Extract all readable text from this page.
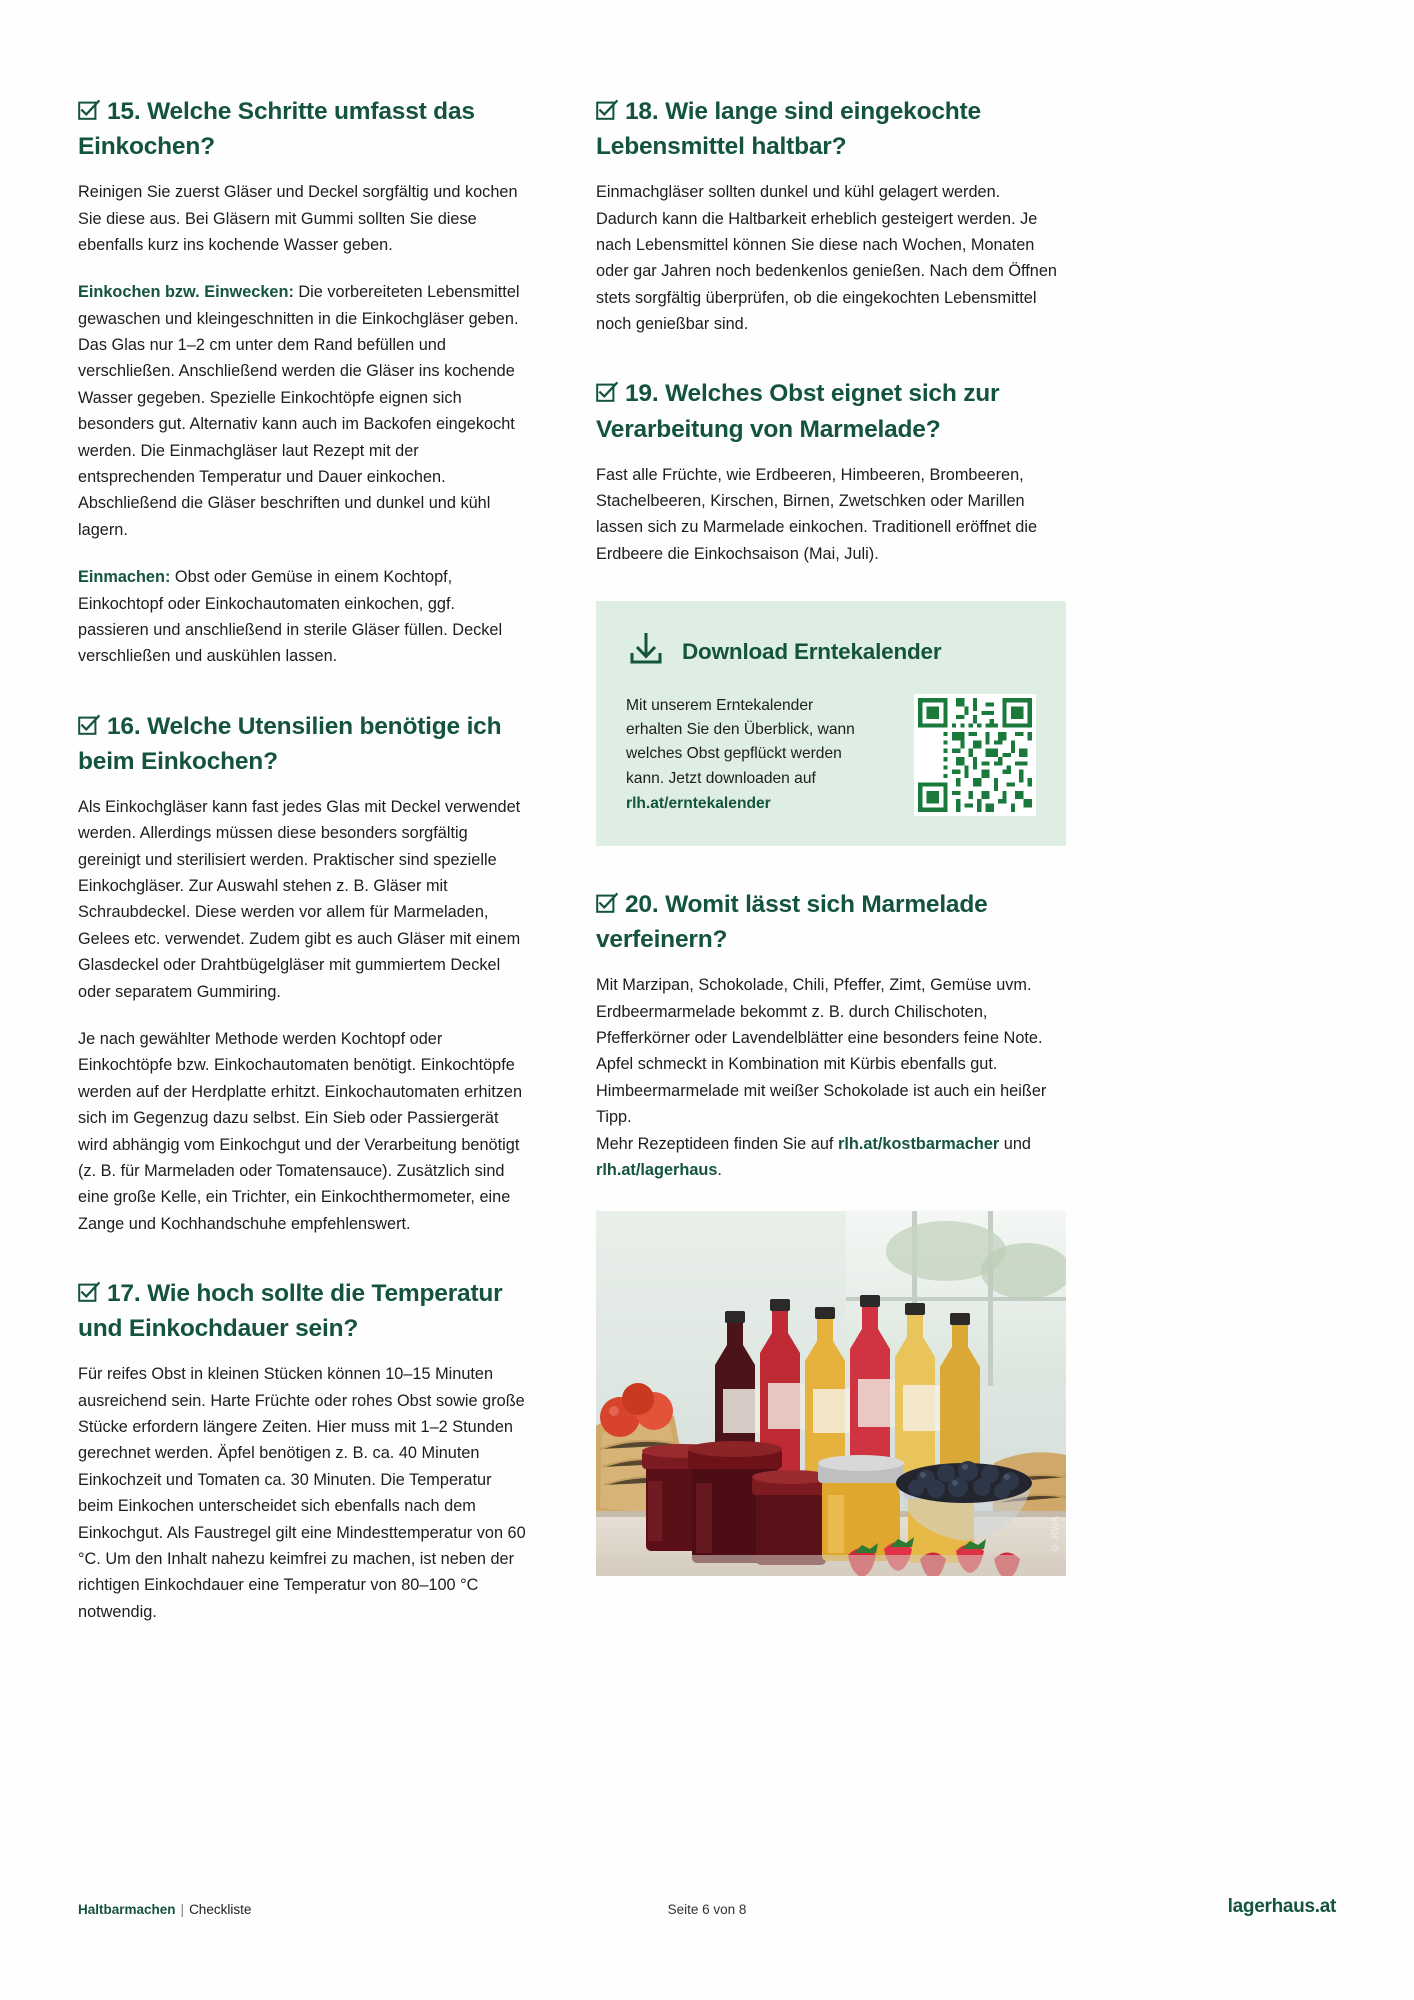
15. Welche Schritte umfasst das Einkochen?

Reinigen Sie zuerst Gläser und Deckel sorgfältig und kochen Sie diese aus. Bei Gläsern mit Gummi sollten Sie diese ebenfalls kurz ins kochende Wasser geben.

Einkochen bzw. Einwecken: Die vorbereiteten Lebensmittel gewaschen und kleingeschnitten in die Einkochgläser geben. Das Glas nur 1–2 cm unter dem Rand befüllen und verschließen. Anschließend werden die Gläser ins kochende Wasser gegeben. Spezielle Einkochtöpfe eignen sich besonders gut. Alternativ kann auch im Backofen eingekocht werden. Die Einmachgläser laut Rezept mit der entsprechenden Temperatur und Dauer einkochen. Abschließend die Gläser beschriften und dunkel und kühl lagern.

Einmachen: Obst oder Gemüse in einem Kochtopf, Einkochtopf oder Einkochautomaten einkochen, ggf. passieren und anschließend in sterile Gläser füllen. Deckel verschließen und auskühlen lassen.

16. Welche Utensilien benötige ich beim Einkochen?

Als Einkochgläser kann fast jedes Glas mit Deckel verwendet werden. Allerdings müssen diese besonders sorgfältig gereinigt und sterilisiert werden. Praktischer sind spezielle Einkochgläser. Zur Auswahl stehen z. B. Gläser mit Schraubdeckel. Diese werden vor allem für Marmeladen, Gelees etc. verwendet. Zudem gibt es auch Gläser mit einem Glasdeckel oder Drahtbügelgläser mit gummiertem Deckel oder separatem Gummiring.

Je nach gewählter Methode werden Kochtopf oder Einkochtöpfe bzw. Einkochautomaten benötigt. Einkochtöpfe werden auf der Herdplatte erhitzt. Einkochautomaten erhitzen sich im Gegenzug dazu selbst. Ein Sieb oder Passiergerät wird abhängig vom Einkochgut und der Verarbeitung benötigt (z. B. für Marmeladen oder Tomatensauce). Zusätzlich sind eine große Kelle, ein Trichter, ein Einkochthermometer, eine Zange und Kochhandschuhe empfehlenswert.

17. Wie hoch sollte die Temperatur und Einkochdauer sein?

Für reifes Obst in kleinen Stücken können 10–15 Minuten ausreichend sein. Harte Früchte oder rohes Obst sowie große Stücke erfordern längere Zeiten. Hier muss mit 1–2 Stunden gerechnet werden. Äpfel benötigen z. B. ca. 40 Minuten Einkochzeit und Tomaten ca. 30 Minuten. Die Temperatur beim Einkochen unterscheidet sich ebenfalls nach dem Einkochgut. Als Faustregel gilt eine Mindesttemperatur von 60 °C. Um den Inhalt nahezu keimfrei zu machen, ist neben der richtigen Einkochdauer eine Temperatur von 80–100 °C notwendig.

18. Wie lange sind eingekochte Lebensmittel haltbar?

Einmachgläser sollten dunkel und kühl gelagert werden. Dadurch kann die Haltbarkeit erheblich gesteigert werden. Je nach Lebensmittel können Sie diese nach Wochen, Monaten oder gar Jahren noch bedenkenlos genießen. Nach dem Öffnen stets sorgfältig überprüfen, ob die eingekochten Lebensmittel noch genießbar sind.

19. Welches Obst eignet sich zur Verarbeitung von Marmelade?

Fast alle Früchte, wie Erdbeeren, Himbeeren, Brombeeren, Stachelbeeren, Kirschen, Birnen, Zwetschken oder Marillen lassen sich zu Marmelade einkochen. Traditionell eröffnet die Erdbeere die Einkochsaison (Mai, Juli).

Download Erntekalender
Mit unserem Erntekalender erhalten Sie den Überblick, wann welches Obst gepflückt werden kann. Jetzt downloaden auf
rlh.at/erntekalender
20. Womit lässt sich Marmelade verfeinern?

Mit Marzipan, Schokolade, Chili, Pfeffer, Zimt, Gemüse uvm. Erdbeermarmelade bekommt z. B. durch Chilischoten, Pfefferkörner oder Lavendelblätter eine besonders feine Note. Apfel schmeckt in Kombination mit Kürbis ebenfalls gut. Himbeermarmelade mit weißer Schokolade ist auch ein heißer Tipp.
Mehr Rezeptideen finden Sie auf rlh.at/kostbarmacher und rlh.at/lagerhaus.

© RWA
Haltbarmachen | Checkliste	Seite 6 von 8	lagerhaus.at
